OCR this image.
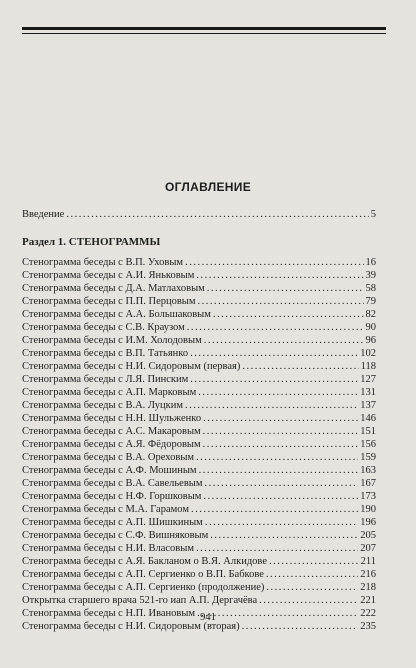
ОГЛАВЛЕНИЕ
Введение .....	5
Раздел 1. СТЕНОГРАММЫ
Стенограмма беседы с В.П. Уховым .....	16
Стенограмма беседы с А.И. Яньковым .....	39
Стенограмма беседы с Д.А. Матлаховым .....	58
Стенограмма беседы с П.П. Перцовым .....	79
Стенограмма беседы с А.А. Большаковым .....	82
Стенограмма беседы с С.В. Краузом .....	90
Стенограмма беседы с И.М. Холодовым .....	96
Стенограмма беседы с В.П. Татьянко .....	102
Стенограмма беседы с Н.И. Сидоровым (первая) .....	118
Стенограмма беседы с Л.Я. Пинским .....	127
Стенограмма беседы с А.П. Марковым .....	131
Стенограмма беседы с В.А. Луцким .....	137
Стенограмма беседы с Н.Н. Шульженко .....	146
Стенограмма беседы с А.С. Макаровым .....	151
Стенограмма беседы с А.Я. Фёдоровым .....	156
Стенограмма беседы с В.А. Ореховым .....	159
Стенограмма беседы с А.Ф. Мошиным .....	163
Стенограмма беседы с В.А. Савельевым .....	167
Стенограмма беседы с Н.Ф. Горшковым .....	173
Стенограмма беседы с М.А. Гарамом .....	190
Стенограмма беседы с А.П. Шишкиным .....	196
Стенограмма беседы с С.Ф. Вишняковым .....	205
Стенограмма беседы с Н.И. Власовым .....	207
Стенограмма беседы с А.Я. Бакланом о В.Я. Алкидове .....	211
Стенограмма беседы с А.П. Сергиенко о В.П. Бабкове .....	216
Стенограмма беседы с А.П. Сергиенко (продолжение) .....	218
Открытка старшего врача 521-го иап А.П. Дергачёва .....	221
Стенограмма беседы с Н.П. Ивановым .....	222
Стенограмма беседы с Н.И. Сидоровым (вторая) .....	235
941
